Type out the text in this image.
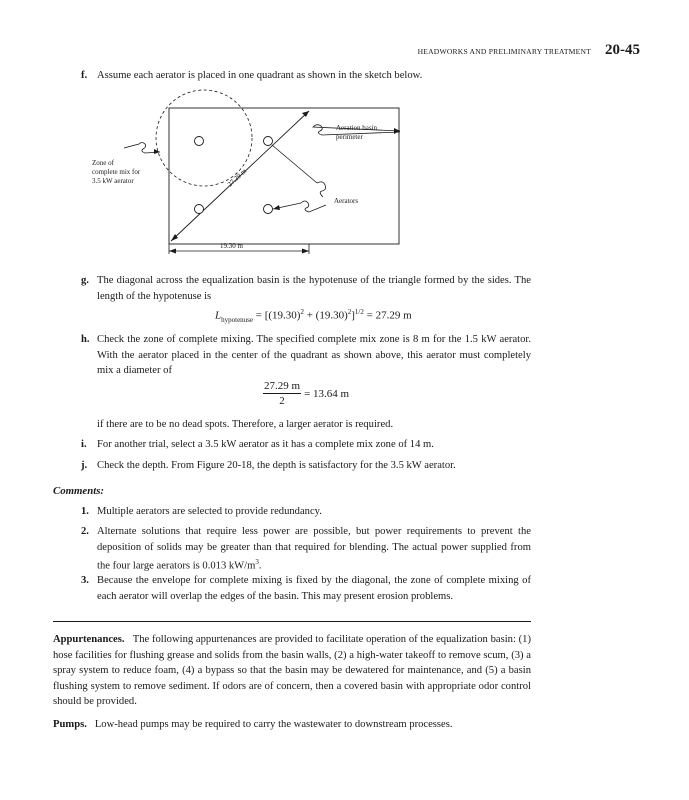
HEADWORKS AND PRELIMINARY TREATMENT 20-45
f. Assume each aerator is placed in one quadrant as shown in the sketch below.
Aeration basin
perimeter
Aerators
Zone of
complete mix for
3.5 kW aerator	27.29 m
19.30 m
g. The diagonal across the equalization basin is the hypotenuse of the triangle formed by the sides. The length of the hypotenuse is
$L_{hypotenuse} = [(19.30)^2 + (19.30)^2]^{1/2} = 27.29$ m
h. Check the zone of complete mixing. The specified complete mix zone is 8 m for the 1.5 kW aerator. With the aerator placed in the center of the quadrant as shown above, this aerator must completely mix a diameter of
$\frac{27.29 m}{2} = 13.64$ m
if there are to be no dead spots. Therefore, a larger aerator is required.
i. For another trial, select a 3.5 kW aerator as it has a complete mix zone of 14 m.
j. Check the depth. From Figure 20-18, the depth is satisfactory for the 3.5 kW aerator.
Comments:
1. Multiple aerators are selected to provide redundancy.
2. Alternate solutions that require less power are possible, but power requirements to prevent the deposition of solids may be greater than that required for blending. The actual power supplied from the four large aerators is 0.013 $kW/m^3$.
3. Because the envelope for complete mixing is fixed by the diagonal, the zone of complete mixing of each aerator will overlap the edges of the basin. This may present erosion problems.
Appurtenances. The following appurtenances are provided to facilitate operation of the equalization basin: (1) hose facilities for flushing grease and solids from the basin walls, (2) a high-water takeoff to remove scum, (3) a spray system to reduce foam, (4) a bypass so that the basin may be dewatered for maintenance, and (5) a basin flushing system to remove sediment. If odors are of concern, then a covered basin with appropriate odor control should be provided.
Pumps. Low-head pumps may be required to carry the wastewater to downstream processes.
